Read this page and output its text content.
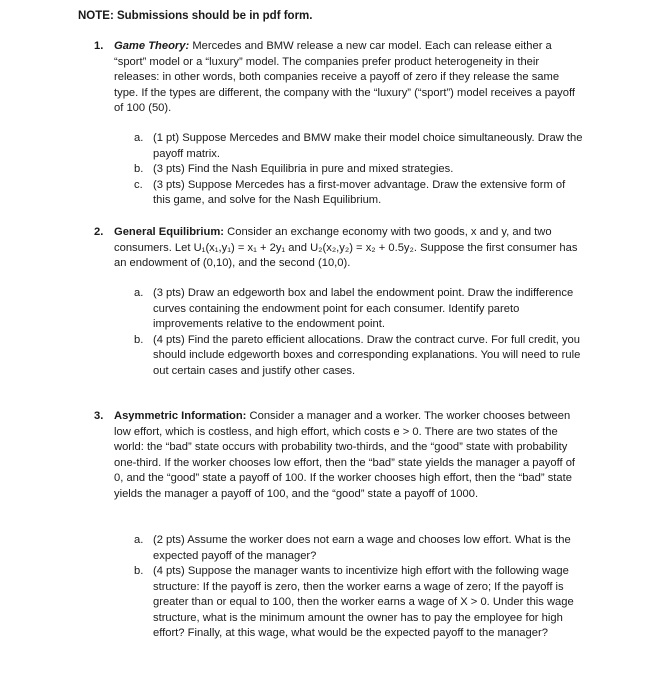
NOTE: Submissions should be in pdf form.
1. Game Theory: Mercedes and BMW release a new car model. Each can release either a “sport” model or a “luxury” model. The companies prefer product heterogeneity in their releases: in other words, both companies receive a payoff of zero if they release the same type. If the types are different, the company with the “luxury” (“sport”) model receives a payoff of 100 (50).
a. (1 pt) Suppose Mercedes and BMW make their model choice simultaneously. Draw the payoff matrix.
b. (3 pts) Find the Nash Equilibria in pure and mixed strategies.
c. (3 pts) Suppose Mercedes has a first-mover advantage. Draw the extensive form of this game, and solve for the Nash Equilibrium.
2. General Equilibrium: Consider an exchange economy with two goods, x and y, and two consumers. Let U₁(x₁,y₁) = x₁ + 2y₁ and U₂(x₂,y₂) = x₂ + 0.5y₂. Suppose the first consumer has an endowment of (0,10), and the second (10,0).
a. (3 pts) Draw an edgeworth box and label the endowment point. Draw the indifference curves containing the endowment point for each consumer. Identify pareto improvements relative to the endowment point.
b. (4 pts) Find the pareto efficient allocations. Draw the contract curve. For full credit, you should include edgeworth boxes and corresponding explanations. You will need to rule out certain cases and justify other cases.
3. Asymmetric Information: Consider a manager and a worker. The worker chooses between low effort, which is costless, and high effort, which costs e > 0. There are two states of the world: the “bad” state occurs with probability two-thirds, and the “good” state with probability one-third. If the worker chooses low effort, then the “bad” state yields the manager a payoff of 0, and the “good” state a payoff of 100. If the worker chooses high effort, then the “bad” state yields the manager a payoff of 100, and the “good” state a payoff of 1000.
a. (2 pts) Assume the worker does not earn a wage and chooses low effort. What is the expected payoff of the manager?
b. (4 pts) Suppose the manager wants to incentivize high effort with the following wage structure: If the payoff is zero, then the worker earns a wage of zero; If the payoff is greater than or equal to 100, then the worker earns a wage of X > 0. Under this wage structure, what is the minimum amount the owner has to pay the employee for high effort? Finally, at this wage, what would be the expected payoff to the manager?
